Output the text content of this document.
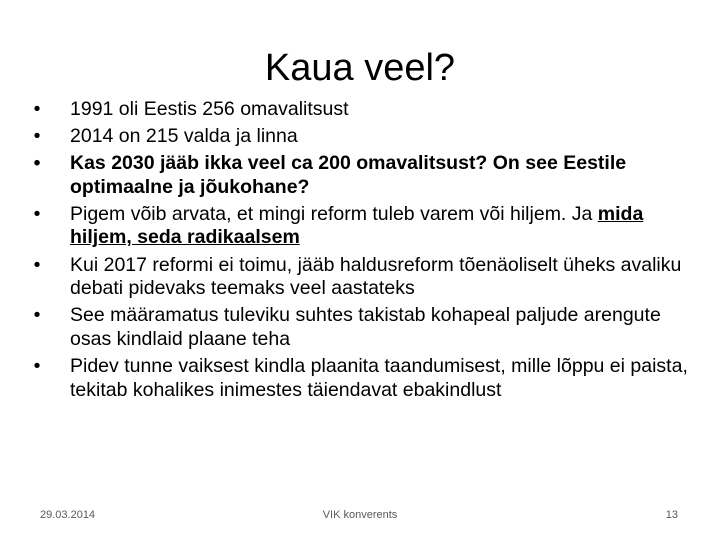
Kaua veel?
• 1991 oli Eestis 256 omavalitsust
• 2014 on 215 valda ja linna
• Kas 2030 jääb ikka veel ca 200 omavalitsust? On see Eestile optimaalne ja jõukohane?
• Pigem võib arvata, et mingi reform tuleb varem või hiljem. Ja mida hiljem, seda radikaalsem
• Kui 2017 reformi ei toimu, jääb haldusreform tõenäoliselt üheks avaliku debati pidevaks teemaks veel aastateks
• See määramatus tuleviku suhtes takistab kohapeal paljude arengute osas kindlaid plaane teha
• Pidev tunne vaiksest kindla plaanita taandumisest, mille lõppu ei paista, tekitab kohalikes inimestes täiendavat ebakindlust
29.03.2014	VIK konverents	13
